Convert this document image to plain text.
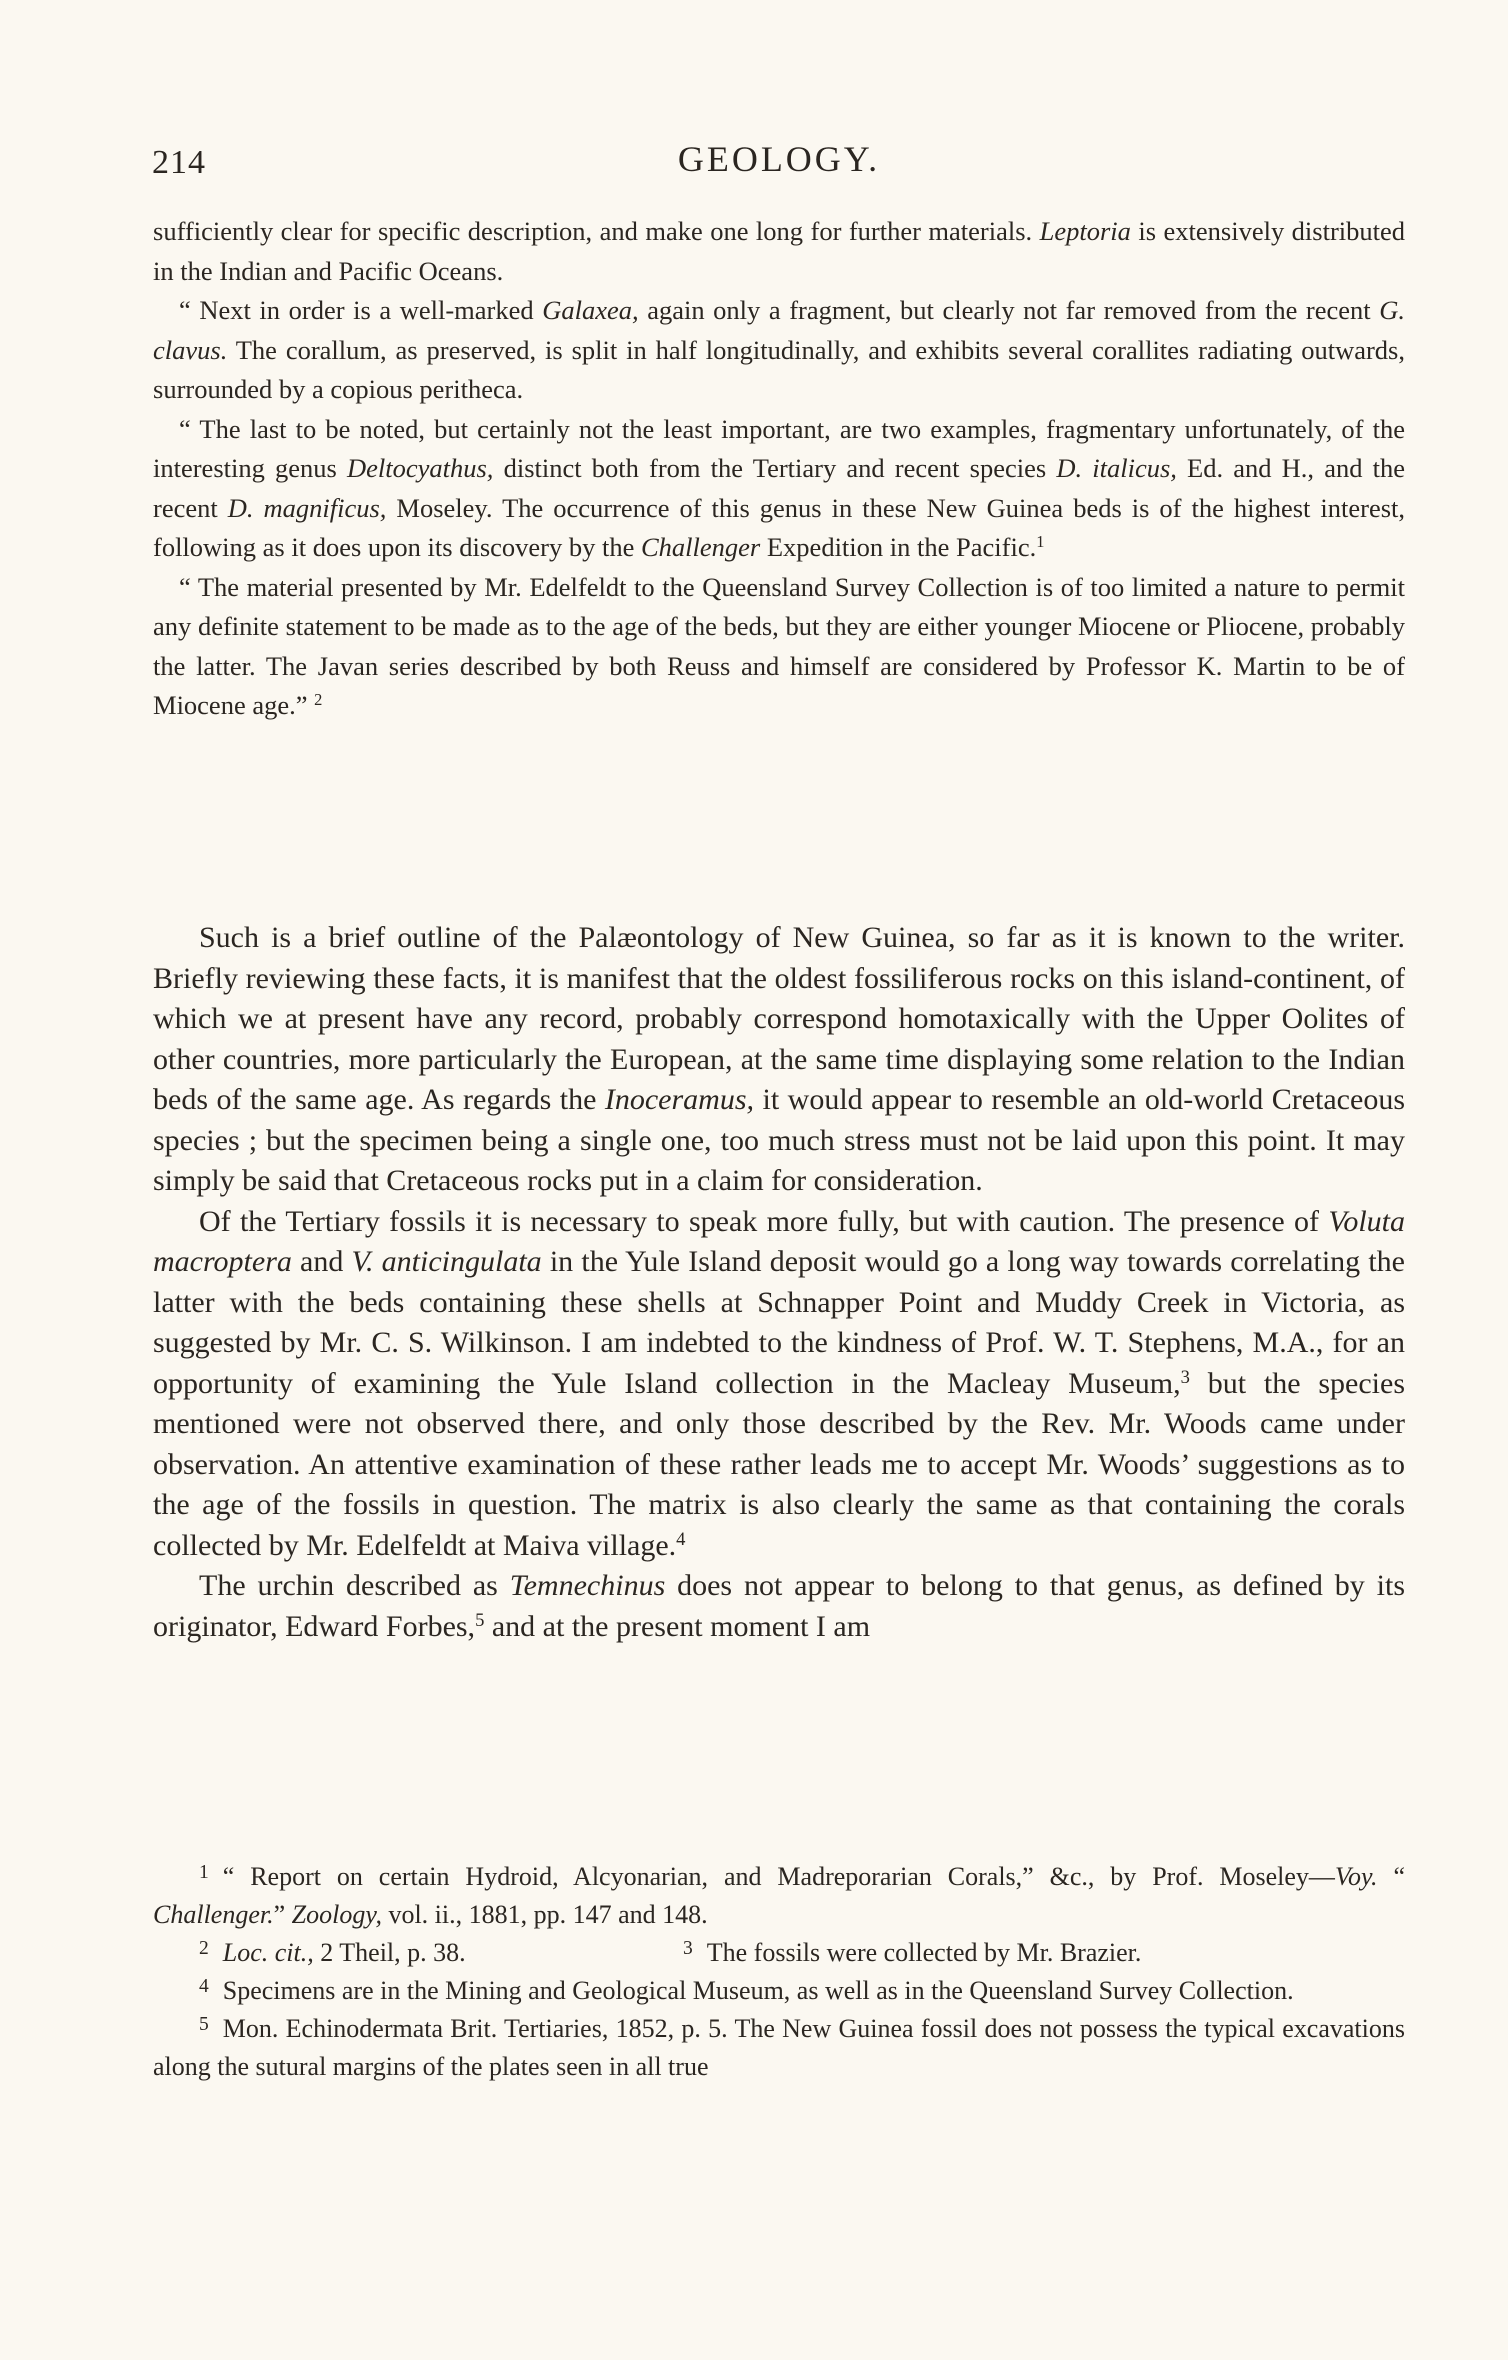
214	GEOLOGY.

sufficiently clear for specific description, and make one long for further materials. Leptoria is extensively distributed in the Indian and Pacific Oceans.

“ Next in order is a well-marked Galaxea, again only a fragment, but clearly not far removed from the recent G. clavus. The corallum, as preserved, is split in half longitudinally, and exhibits several corallites radiating outwards, surrounded by a copious peritheca.

“ The last to be noted, but certainly not the least important, are two examples, fragmentary unfortunately, of the interesting genus Deltocyathus, distinct both from the Tertiary and recent species D. italicus, Ed. and H., and the recent D. magnificus, Moseley. The occurrence of this genus in these New Guinea beds is of the highest interest, following as it does upon its discovery by the Challenger Expedition in the Pacific.$^1$

“ The material presented by Mr. Edelfeldt to the Queensland Survey Collection is of too limited a nature to permit any definite statement to be made as to the age of the beds, but they are either younger Miocene or Pliocene, probably the latter. The Javan series described by both Reuss and himself are considered by Professor K. Martin to be of Miocene age.” $^2$

Such is a brief outline of the Palæontology of New Guinea, so far as it is known to the writer. Briefly reviewing these facts, it is manifest that the oldest fossiliferous rocks on this island-continent, of which we at present have any record, probably correspond homotaxically with the Upper Oolites of other countries, more particularly the European, at the same time displaying some relation to the Indian beds of the same age. As regards the Inoceramus, it would appear to resemble an old-world Cretaceous species ; but the specimen being a single one, too much stress must not be laid upon this point. It may simply be said that Cretaceous rocks put in a claim for consideration.

Of the Tertiary fossils it is necessary to speak more fully, but with caution. The presence of Voluta macroptera and V. anticingulata in the Yule Island deposit would go a long way towards correlating the latter with the beds containing these shells at Schnapper Point and Muddy Creek in Victoria, as suggested by Mr. C. S. Wilkinson. I am indebted to the kindness of Prof. W. T. Stephens, M.A., for an opportunity of examining the Yule Island collection in the Macleay Museum,$^3$ but the species mentioned were not observed there, and only those described by the Rev. Mr. Woods came under observation. An attentive examination of these rather leads me to accept Mr. Woods’ suggestions as to the age of the fossils in question. The matrix is also clearly the same as that containing the corals collected by Mr. Edelfeldt at Maiva village.$^4$

The urchin described as Temnechinus does not appear to belong to that genus, as defined by its originator, Edward Forbes,$^5$ and at the present moment I am

$^1$ “ Report on certain Hydroid, Alcyonarian, and Madreporarian Corals,” &c., by Prof. Moseley—Voy. “ Challenger.” Zoology, vol. ii., 1881, pp. 147 and 148.

$^2$ Loc. cit., 2 Theil, p. 38.	$^3$ The fossils were collected by Mr. Brazier.

$^4$ Specimens are in the Mining and Geological Museum, as well as in the Queensland Survey Collection.

$^5$ Mon. Echinodermata Brit. Tertiaries, 1852, p. 5. The New Guinea fossil does not possess the typical excavations along the sutural margins of the plates seen in all true
